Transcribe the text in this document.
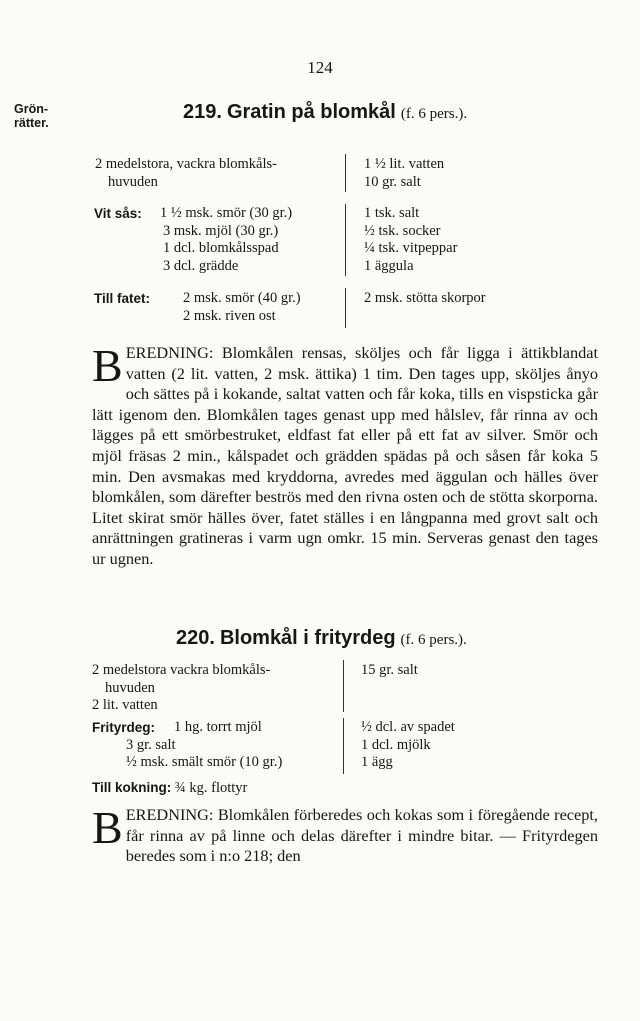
124
Grön-
rätter.	219. Gratin på blomkål (f. 6 pers.).
2 medelstora, vackra blomkåls-
huvuden
1 ½ lit. vatten
10 gr. salt
Vit sås: 1 ½ msk. smör (30 gr.)
3 msk. mjöl (30 gr.)
1 dcl. blomkålsspad
3 dcl. grädde
1 tsk. salt
½ tsk. socker
¼ tsk. vitpeppar
1 äggula
Till fatet: 2 msk. smör (40 gr.)
2 msk. riven ost
2 msk. stötta skorpor
BEREDNING: Blomkålen rensas, sköljes och får ligga i ättikblandat vatten (2 lit. vatten, 2 msk. ättika) 1 tim. Den tages upp, sköljes ånyo och sättes på i kokande, saltat vatten och får koka, tills en vispsticka går lätt igenom den. Blomkålen tages genast upp med hålslev, får rinna av och lägges på ett smörbestruket, eldfast fat eller på ett fat av silver. Smör och mjöl fräsas 2 min., kålspadet och grädden spädas på och såsen får koka 5 min. Den avsmakas med kryddorna, avredes med äggulan och hälles över blomkålen, som därefter beströs med den rivna osten och de stötta skorporna. Litet skirat smör hälles över, fatet ställes i en långpanna med grovt salt och anrättningen gratineras i varm ugn omkr. 15 min. Serveras genast den tages ur ugnen.
220. Blomkål i frityrdeg (f. 6 pers.).
2 medelstora vackra blomkåls-
huvuden
2 lit. vatten
15 gr. salt
Frityrdeg: 1 hg. torrt mjöl
3 gr. salt
½ msk. smält smör (10 gr.)
½ dcl. av spadet
1 dcl. mjölk
1 ägg
Till kokning: ¾ kg. flottyr
BEREDNING: Blomkålen förberedes och kokas som i föregående recept, får rinna av på linne och delas därefter i mindre bitar. — Frityrdegen beredes som i n:o 218; den
